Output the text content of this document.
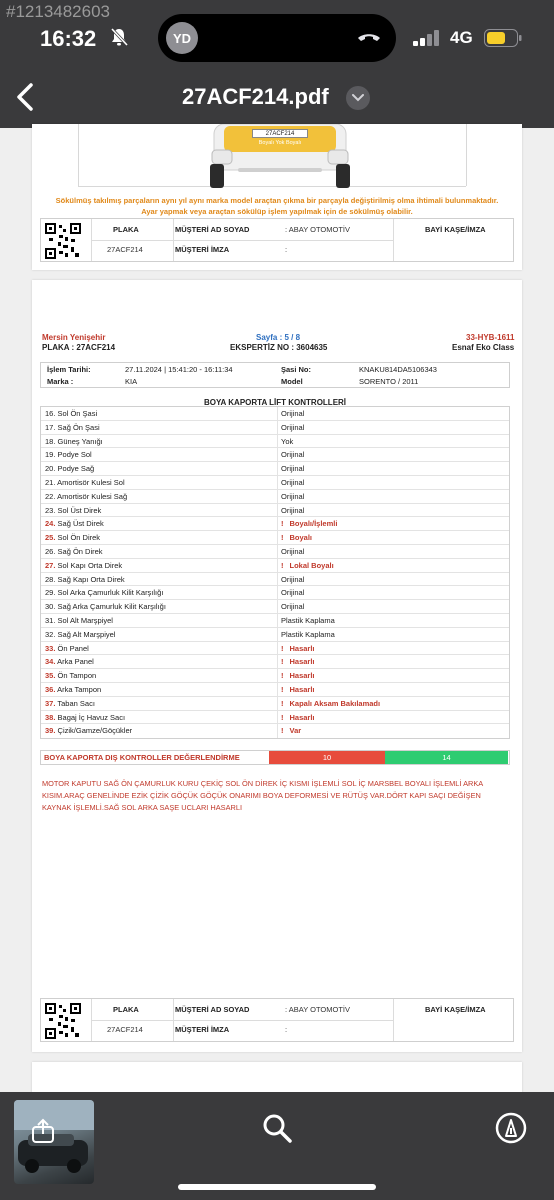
#1213482603
16:32	YD	4G
27ACF214.pdf
27ACF214
Boyalı Yok Boyalı
Sökülmüş takılmış parçaların aynı yıl aynı marka model araçtan çıkma bir parçayla değiştirilmiş olma ihtimali bulunmaktadır.
Ayar yapmak veya araçtan sökülüp işlem yapılmak için de sökülmüş olabilir.
PLAKA
27ACF214
MÜŞTERİ AD SOYAD	: ABAY OTOMOTİV
MÜŞTERİ İMZA	:
BAYİ KAŞE/İMZA
Mersin Yenişehir	Sayfa : 5 / 8	33-HYB-1611
PLAKA : 27ACF214	EKSPERTİZ NO : 3604635	Esnaf Eko Class
İşlem Tarihi:	27.11.2024 | 15:41:20 - 16:11:34
Marka :	KIA
Şasi No:	KNAKU814DA5106343
Model	SORENTO / 2011
BOYA KAPORTA LİFT KONTROLLERİ
16. Sol Ön Şasi	Orijinal
17. Sağ Ön Şasi	Orijinal
18. Güneş Yanığı	Yok
19. Podye Sol	Orijinal
20. Podye Sağ	Orijinal
21. Amortisör Kulesi Sol	Orijinal
22. Amortisör Kulesi Sağ	Orijinal
23. Sol Üst Direk	Orijinal
24. Sağ Üst Direk	! Boyalı/İşlemli
25. Sol Ön Direk	! Boyalı
26. Sağ Ön Direk	Orijinal
27. Sol Kapı Orta Direk	! Lokal Boyalı
28. Sağ Kapı Orta Direk	Orijinal
29. Sol Arka Çamurluk Kilit Karşılığı	Orijinal
30. Sağ Arka Çamurluk Kilit Karşılığı	Orijinal
31. Sol Alt Marşpiyel	Plastik Kaplama
32. Sağ Alt Marşpiyel	Plastik Kaplama
33. Ön Panel	! Hasarlı
34. Arka Panel	! Hasarlı
35. Ön Tampon	! Hasarlı
36. Arka Tampon	! Hasarlı
37. Taban Sacı	! Kapalı Aksam Bakılamadı
38. Bagaj İç Havuz Sacı	! Hasarlı
39. Çizik/Gamze/Göçükler	! Var
BOYA KAPORTA DIŞ KONTROLLER DEĞERLENDİRME	10	14
MOTOR KAPUTU SAĞ ÖN ÇAMURLUK KURU ÇEKİÇ SOL ÖN DİREK İÇ KISMI İŞLEMLİ SOL İÇ MARSBEL BOYALI İŞLEMLİ ARKA KISIM.ARAÇ GENELİNDE EZİK ÇİZİK GÖÇÜK GÖÇÜK ONARIMI BOYA DEFORMESİ VE RÜTÜŞ VAR.DÖRT KAPI SAÇI DEĞİŞEN KAYNAK İŞLEMLİ.SAĞ SOL ARKA SAŞE UCLARI HASARLI
PLAKA
27ACF214
MÜŞTERİ AD SOYAD	: ABAY OTOMOTİV
MÜŞTERİ İMZA	:
BAYİ KAŞE/İMZA
